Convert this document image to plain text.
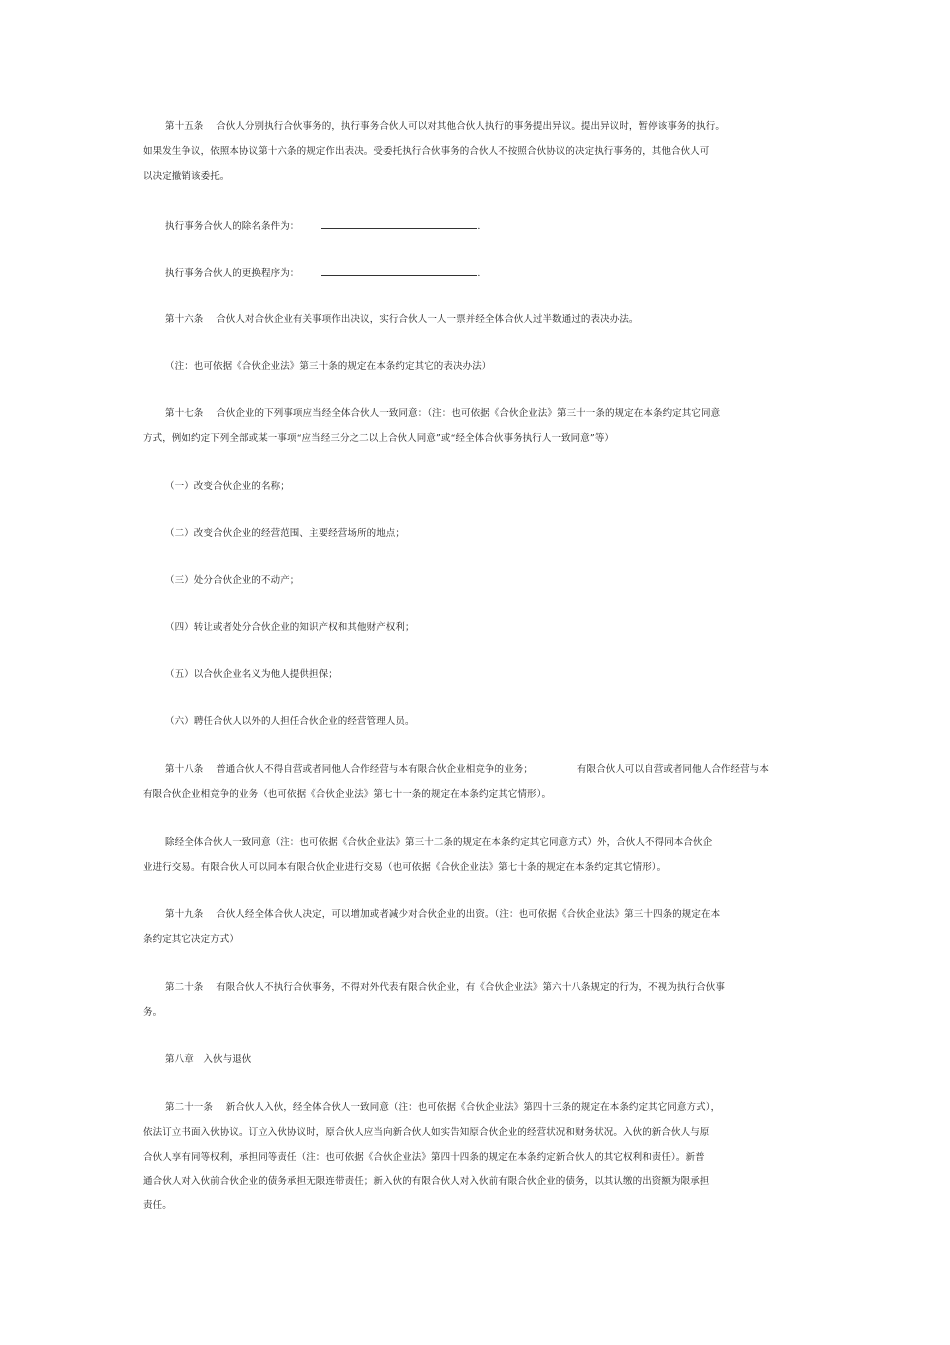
第十五条　 合伙人分别执行合伙事务的，执行事务合伙人可以对其他合伙人执行的事务提出异议。提出异议时，暂停该事务的执行。
如果发生争议，依照本协议第十六条的规定作出表决。受委托执行合伙事务的合伙人不按照合伙协议的决定执行事务的，其他合伙人可
以决定撤销该委托。
执行事务合伙人的除名条件为：	.
执行事务合伙人的更换程序为：	.
第十六条　 合伙人对合伙企业有关事项作出决议，实行合伙人一人一票并经全体合伙人过半数通过的表决办法。
（注：也可依据《合伙企业法》第三十条的规定在本条约定其它的表决办法）
第十七条　 合伙企业的下列事项应当经全体合伙人一致同意：（注：也可依据《合伙企业法》第三十一条的规定在本条约定其它同意
方式，例如约定下列全部或某一事项“应当经三分之二以上合伙人同意”或“经全体合伙事务执行人一致同意”等）
（一）改变合伙企业的名称；
（二）改变合伙企业的经营范围、主要经营场所的地点；
（三）处分合伙企业的不动产；
（四）转让或者处分合伙企业的知识产权和其他财产权利；
（五）以合伙企业名义为他人提供担保；
（六）聘任合伙人以外的人担任合伙企业的经营管理人员。
第十八条　 普通合伙人不得自营或者同他人合作经营与本有限合伙企业相竞争的业务；	有限合伙人可以自营或者同他人合作经营与本
有限合伙企业相竞争的业务（也可依据《合伙企业法》第七十一条的规定在本条约定其它情形）。
除经全体合伙人一致同意（注：也可依据《合伙企业法》第三十二条的规定在本条约定其它同意方式）外，合伙人不得同本合伙企
业进行交易。有限合伙人可以同本有限合伙企业进行交易（也可依据《合伙企业法》第七十条的规定在本条约定其它情形）。
第十九条　 合伙人经全体合伙人决定，可以增加或者减少对合伙企业的出资。（注：也可依据《合伙企业法》第三十四条的规定在本
条约定其它决定方式）
第二十条　 有限合伙人不执行合伙事务，不得对外代表有限合伙企业，有《合伙企业法》第六十八条规定的行为，不视为执行合伙事
务。
第八章　入伙与退伙
第二十一条　 新合伙人入伙，经全体合伙人一致同意（注：也可依据《合伙企业法》第四十三条的规定在本条约定其它同意方式），
依法订立书面入伙协议。订立入伙协议时，原合伙人应当向新合伙人如实告知原合伙企业的经营状况和财务状况。入伙的新合伙人与原
合伙人享有同等权利，承担同等责任（注：也可依据《合伙企业法》第四十四条的规定在本条约定新合伙人的其它权利和责任）。新普
通合伙人对入伙前合伙企业的债务承担无限连带责任；新入伙的有限合伙人对入伙前有限合伙企业的债务，以其认缴的出资额为限承担
责任。
